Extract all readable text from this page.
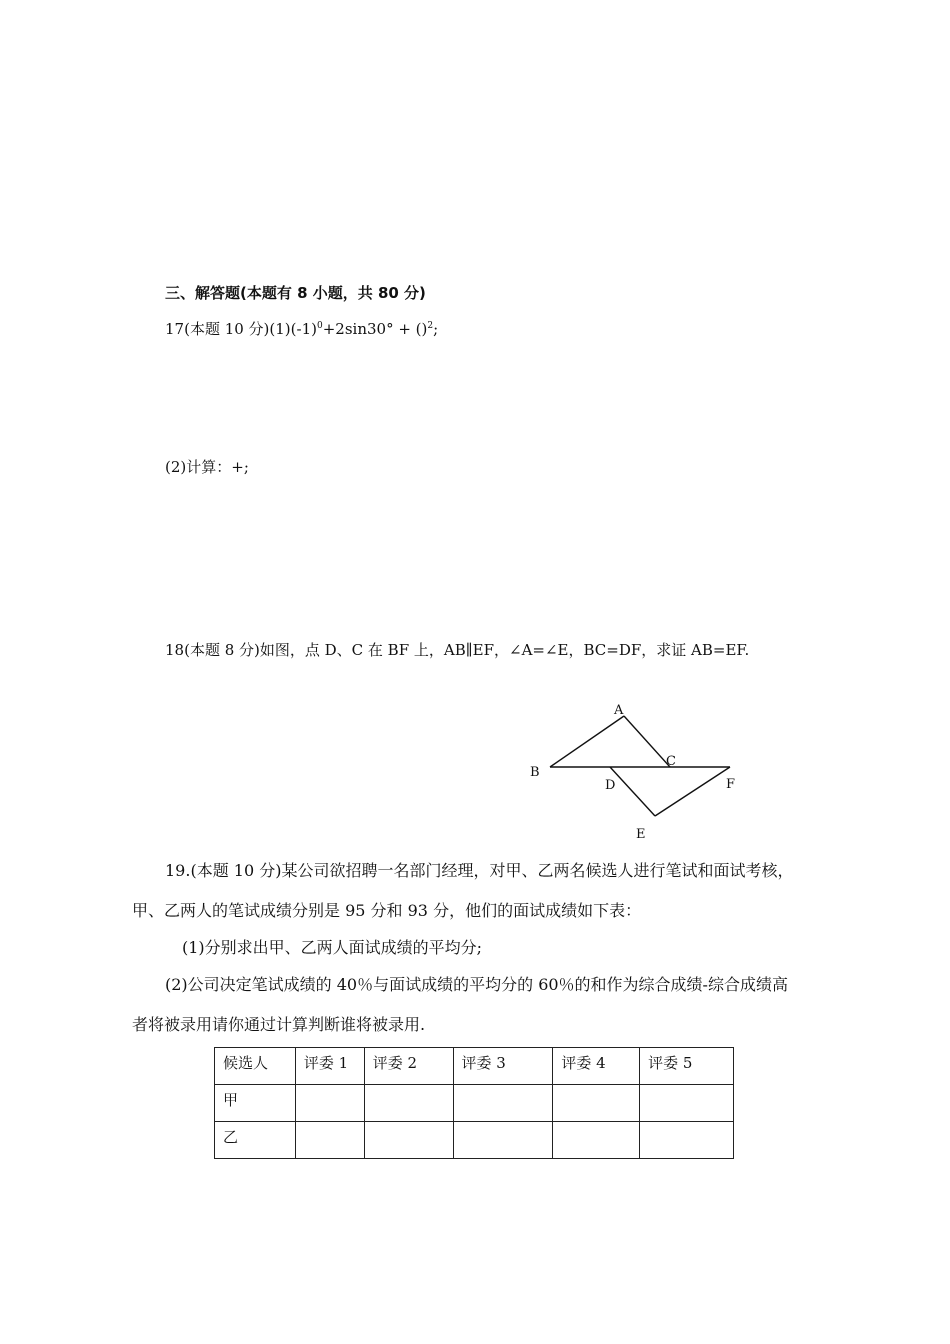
三、解答题(本题有 8 小题，共 80 分)
17(本题 10 分)$(1)(-1)^0+2\sin 30^\circ + ()^2$;
(2)计算：+;
18(本题 8 分)如图，点 D、C 在 BF 上，AB∥EF，∠A=∠E，BC=DF，求证 AB=EF.
A
B
C
D
E
F
19.(本题 10 分)某公司欲招聘一名部门经理，对甲、乙两名候选人进行笔试和面试考核，
甲、乙两人的笔试成绩分别是 95 分和 93 分，他们的面试成绩如下表：
(1)分别求出甲、乙两人面试成绩的平均分;
(2)公司决定笔试成绩的 40％与面试成绩的平均分的 60％的和作为综合成绩-综合成绩高
者将被录用请你通过计算判断谁将被录用.
候选人	评委 1	评委 2	评委 3	评委 4	评委 5
甲					
乙					
